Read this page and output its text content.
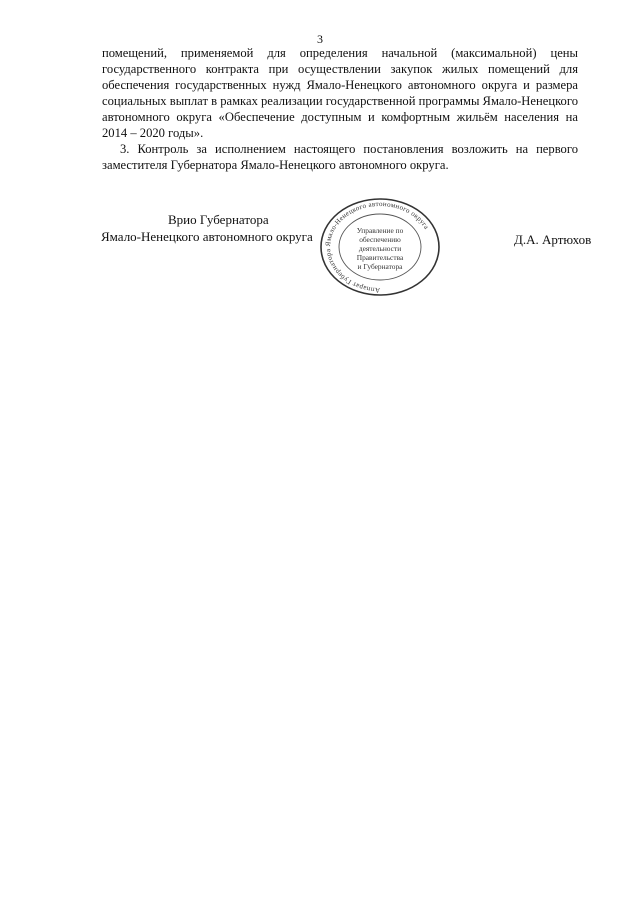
3

помещений, применяемой для определения начальной (максимальной) цены государственного контракта при осуществлении закупок жилых помещений для обеспечения государственных нужд Ямало-Ненецкого автономного округа и размера социальных выплат в рамках реализации государственной программы Ямало-Ненецкого автономного округа «Обеспечение доступным и комфортным жильём населения на 2014 – 2020 годы».

3. Контроль за исполнением настоящего постановления возложить на первого заместителя Губернатора Ямало-Ненецкого автономного округа.

Врио Губернатора
Ямало-Ненецкого автономного округа	Д.А. Артюхов
Аппарат Губернатора Ямало-Ненецкого автономного округа
Управление по
обеспечению
деятельности
Правительства
и Губернатора
